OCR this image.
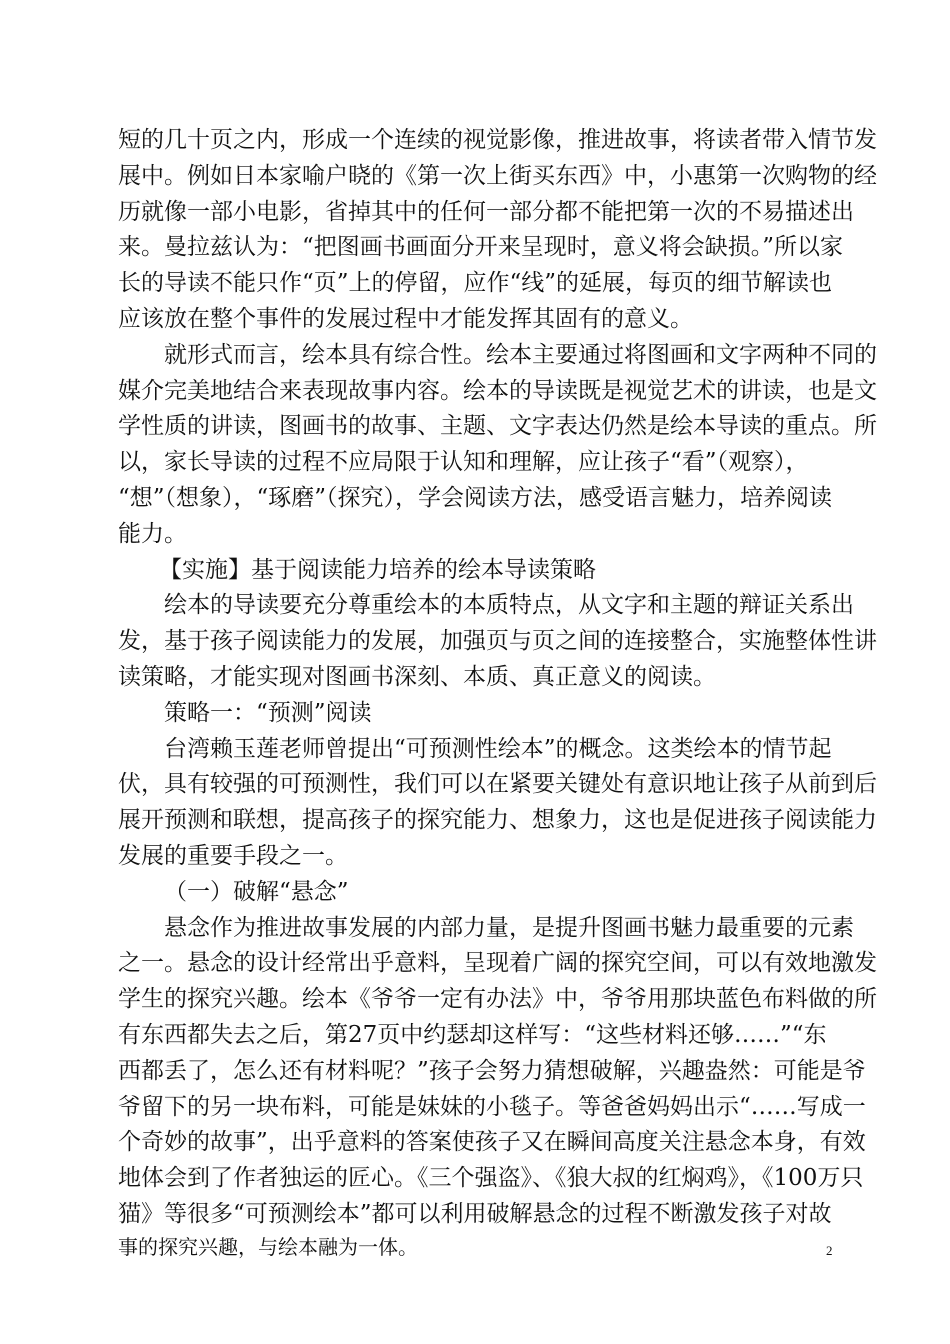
短的几十页之内，形成一个连续的视觉影像，推进故事，将读者带入情节发
展中。例如日本家喻户晓的《第一次上街买东西》中，小惠第一次购物的经
历就像一部小电影，省掉其中的任何一部分都不能把第一次的不易描述出
来。曼拉兹认为：“把图画书画面分开来呈现时，意义将会缺损。”所以家
长的导读不能只作“页”上的停留，应作“线”的延展，每页的细节解读也
应该放在整个事件的发展过程中才能发挥其固有的意义。
就形式而言，绘本具有综合性。绘本主要通过将图画和文字两种不同的
媒介完美地结合来表现故事内容。绘本的导读既是视觉艺术的讲读，也是文
学性质的讲读，图画书的故事、主题、文字表达仍然是绘本导读的重点。所
以，家长导读的过程不应局限于认知和理解，应让孩子“看”（观察），
“想”（想象），“琢磨”（探究），学会阅读方法，感受语言魅力，培养阅读
能力。
【实施】基于阅读能力培养的绘本导读策略
绘本的导读要充分尊重绘本的本质特点，从文字和主题的辩证关系出
发，基于孩子阅读能力的发展，加强页与页之间的连接整合，实施整体性讲
读策略，才能实现对图画书深刻、本质、真正意义的阅读。
策略一：“预测”阅读
台湾赖玉莲老师曾提出“可预测性绘本”的概念。这类绘本的情节起
伏，具有较强的可预测性，我们可以在紧要关键处有意识地让孩子从前到后
展开预测和联想，提高孩子的探究能力、想象力，这也是促进孩子阅读能力
发展的重要手段之一。
（一）破解“悬念”
悬念作为推进故事发展的内部力量，是提升图画书魅力最重要的元素
之一。悬念的设计经常出乎意料，呈现着广阔的探究空间，可以有效地激发
学生的探究兴趣。绘本《爷爷一定有办法》中，爷爷用那块蓝色布料做的所
有东西都失去之后，第27页中约瑟却这样写：“这些材料还够……”“东
西都丢了，怎么还有材料呢？”孩子会努力猜想破解，兴趣盎然：可能是爷
爷留下的另一块布料，可能是妹妹的小毯子。等爸爸妈妈出示“……写成一
个奇妙的故事”，出乎意料的答案使孩子又在瞬间高度关注悬念本身，有效
地体会到了作者独运的匠心。《三个强盗》、《狼大叔的红焖鸡》，《100万只
猫》等很多“可预测绘本”都可以利用破解悬念的过程不断激发孩子对故
事的探究兴趣，与绘本融为一体。	2
